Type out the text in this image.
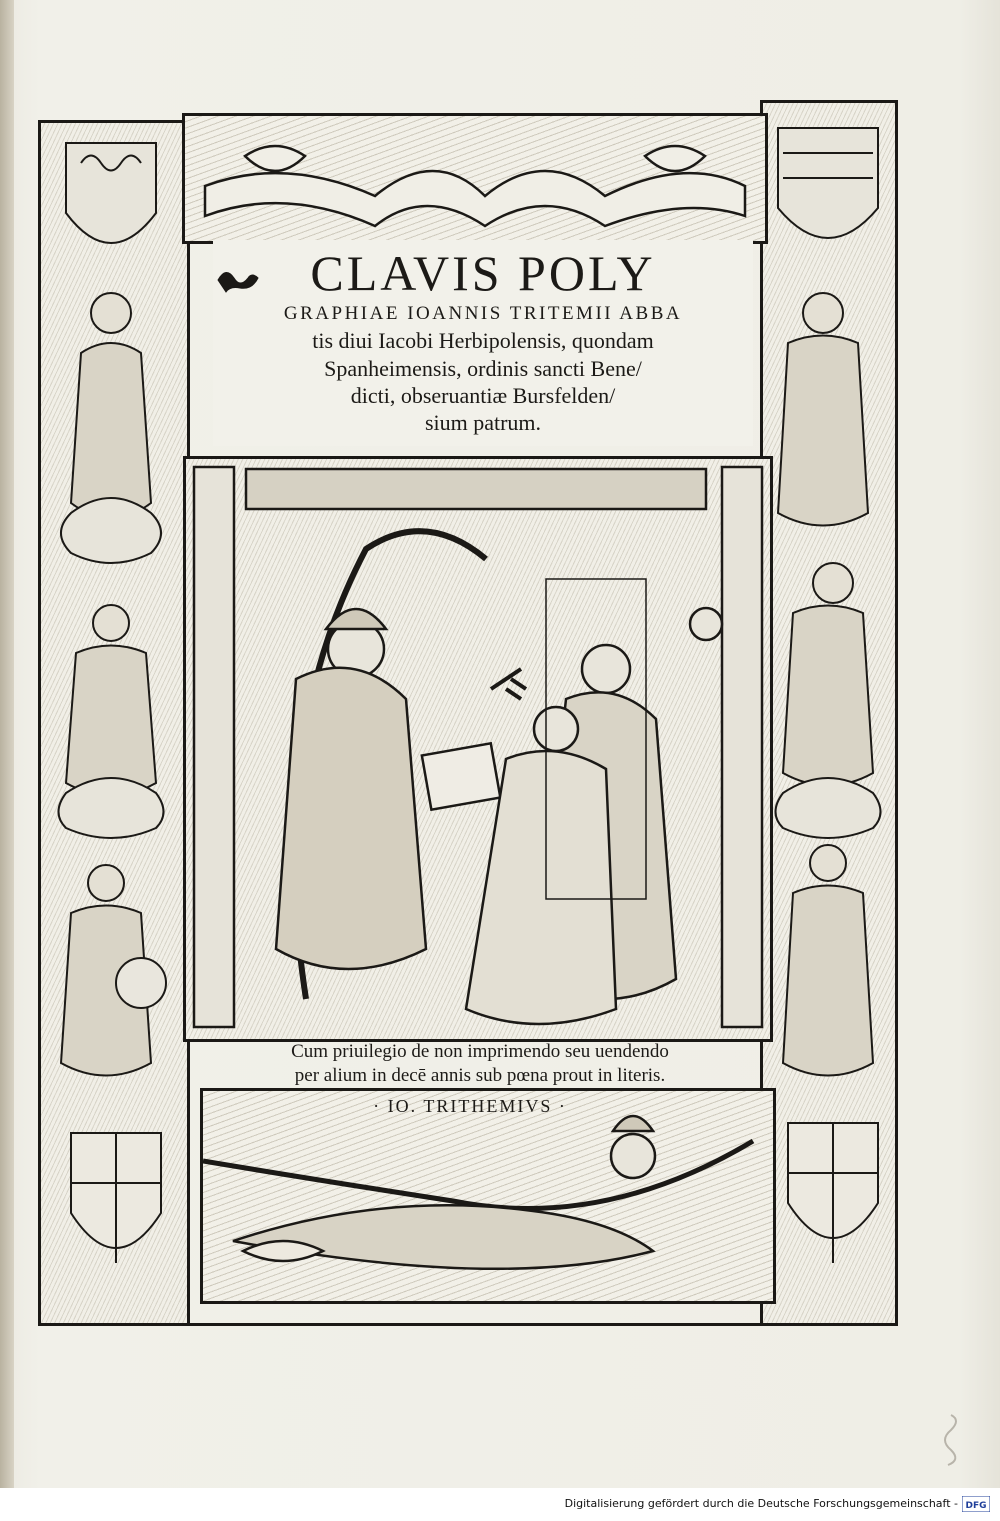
CLAVIS POLY
GRAPHIAE IOANNIS TRITEMII ABBA
tis diui Iacobi Herbipolensis, quondam
Spanheimensis, ordinis sancti Bene/
dicti, obseruantiæ Bursfelden/
sium patrum.
Cum priuilegio de non imprimendo seu uendendo
per alium in decē annis sub pœna prout in literis.
· IO. TRITHEMIVS ·
Digitalisierung gefördert durch die Deutsche Forschungsgemeinschaft - DFG
